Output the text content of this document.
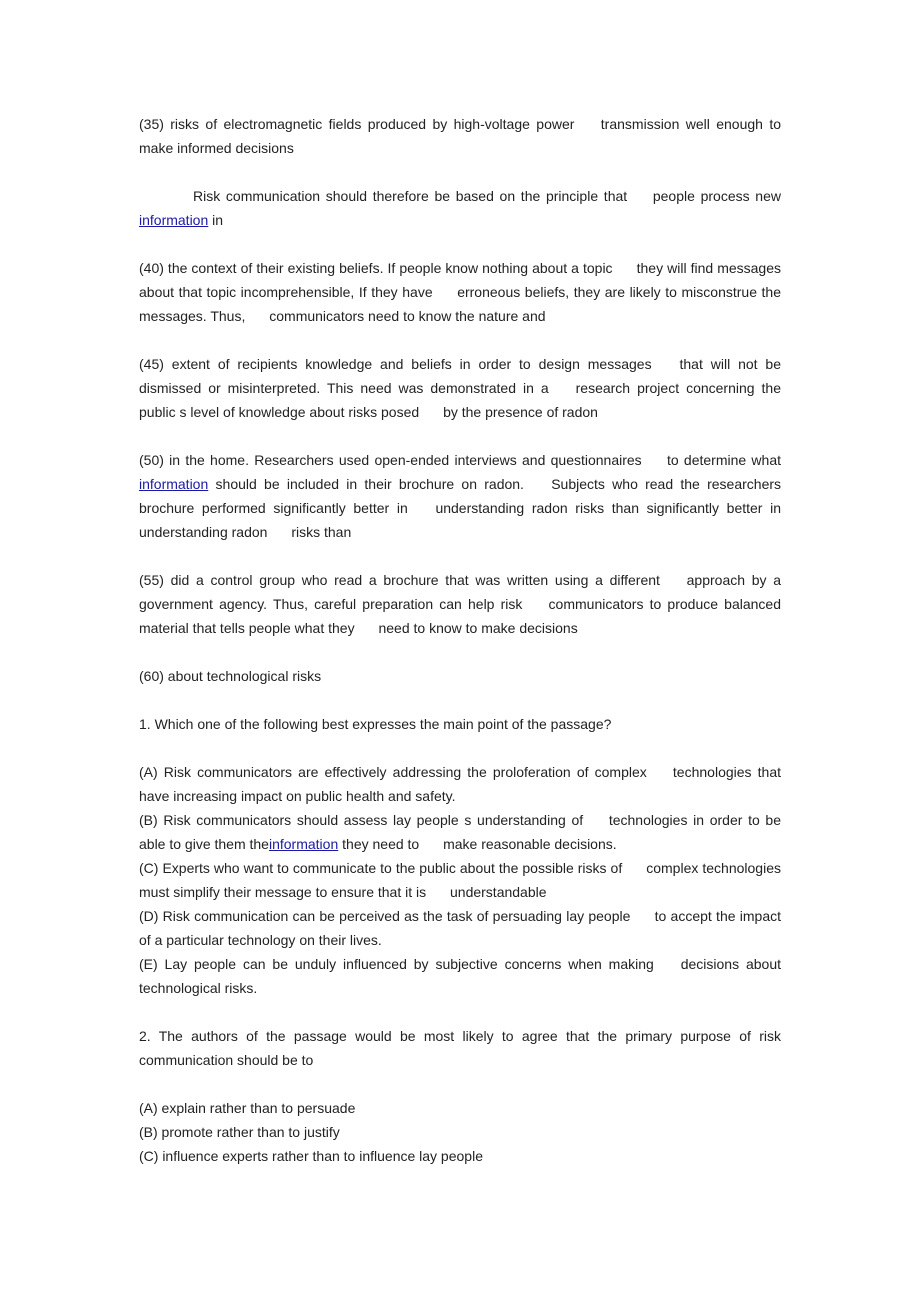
(35) risks of electromagnetic fields produced by high-voltage power transmission well enough to make informed decisions

Risk communication should therefore be based on the principle that people process new information in

(40) the context of their existing beliefs. If people know nothing about a topic they will find messages about that topic incomprehensible, If they have erroneous beliefs, they are likely to misconstrue the messages. Thus, communicators need to know the nature and

(45) extent of recipients knowledge and beliefs in order to design messages that will not be dismissed or misinterpreted. This need was demonstrated in a research project concerning the public s level of knowledge about risks posed by the presence of radon

(50) in the home. Researchers used open-ended interviews and questionnaires to determine what information should be included in their brochure on radon. Subjects who read the researchers brochure performed significantly better in understanding radon risks than significantly better in understanding radon risks than

(55) did a control group who read a brochure that was written using a different approach by a government agency. Thus, careful preparation can help risk communicators to produce balanced material that tells people what they need to know to make decisions

(60) about technological risks

1. Which one of the following best expresses the main point of the passage?

(A) Risk communicators are effectively addressing the proloferation of complex technologies that have increasing impact on public health and safety.

(B) Risk communicators should assess lay people s understanding of technologies in order to be able to give them theinformation they need to make reasonable decisions.

(C) Experts who want to communicate to the public about the possible risks of complex technologies must simplify their message to ensure that it is understandable

(D) Risk communication can be perceived as the task of persuading lay people to accept the impact of a particular technology on their lives.

(E) Lay people can be unduly influenced by subjective concerns when making decisions about technological risks.

2. The authors of the passage would be most likely to agree that the primary purpose of risk communication should be to

(A) explain rather than to persuade

(B) promote rather than to justify

(C) influence experts rather than to influence lay people
